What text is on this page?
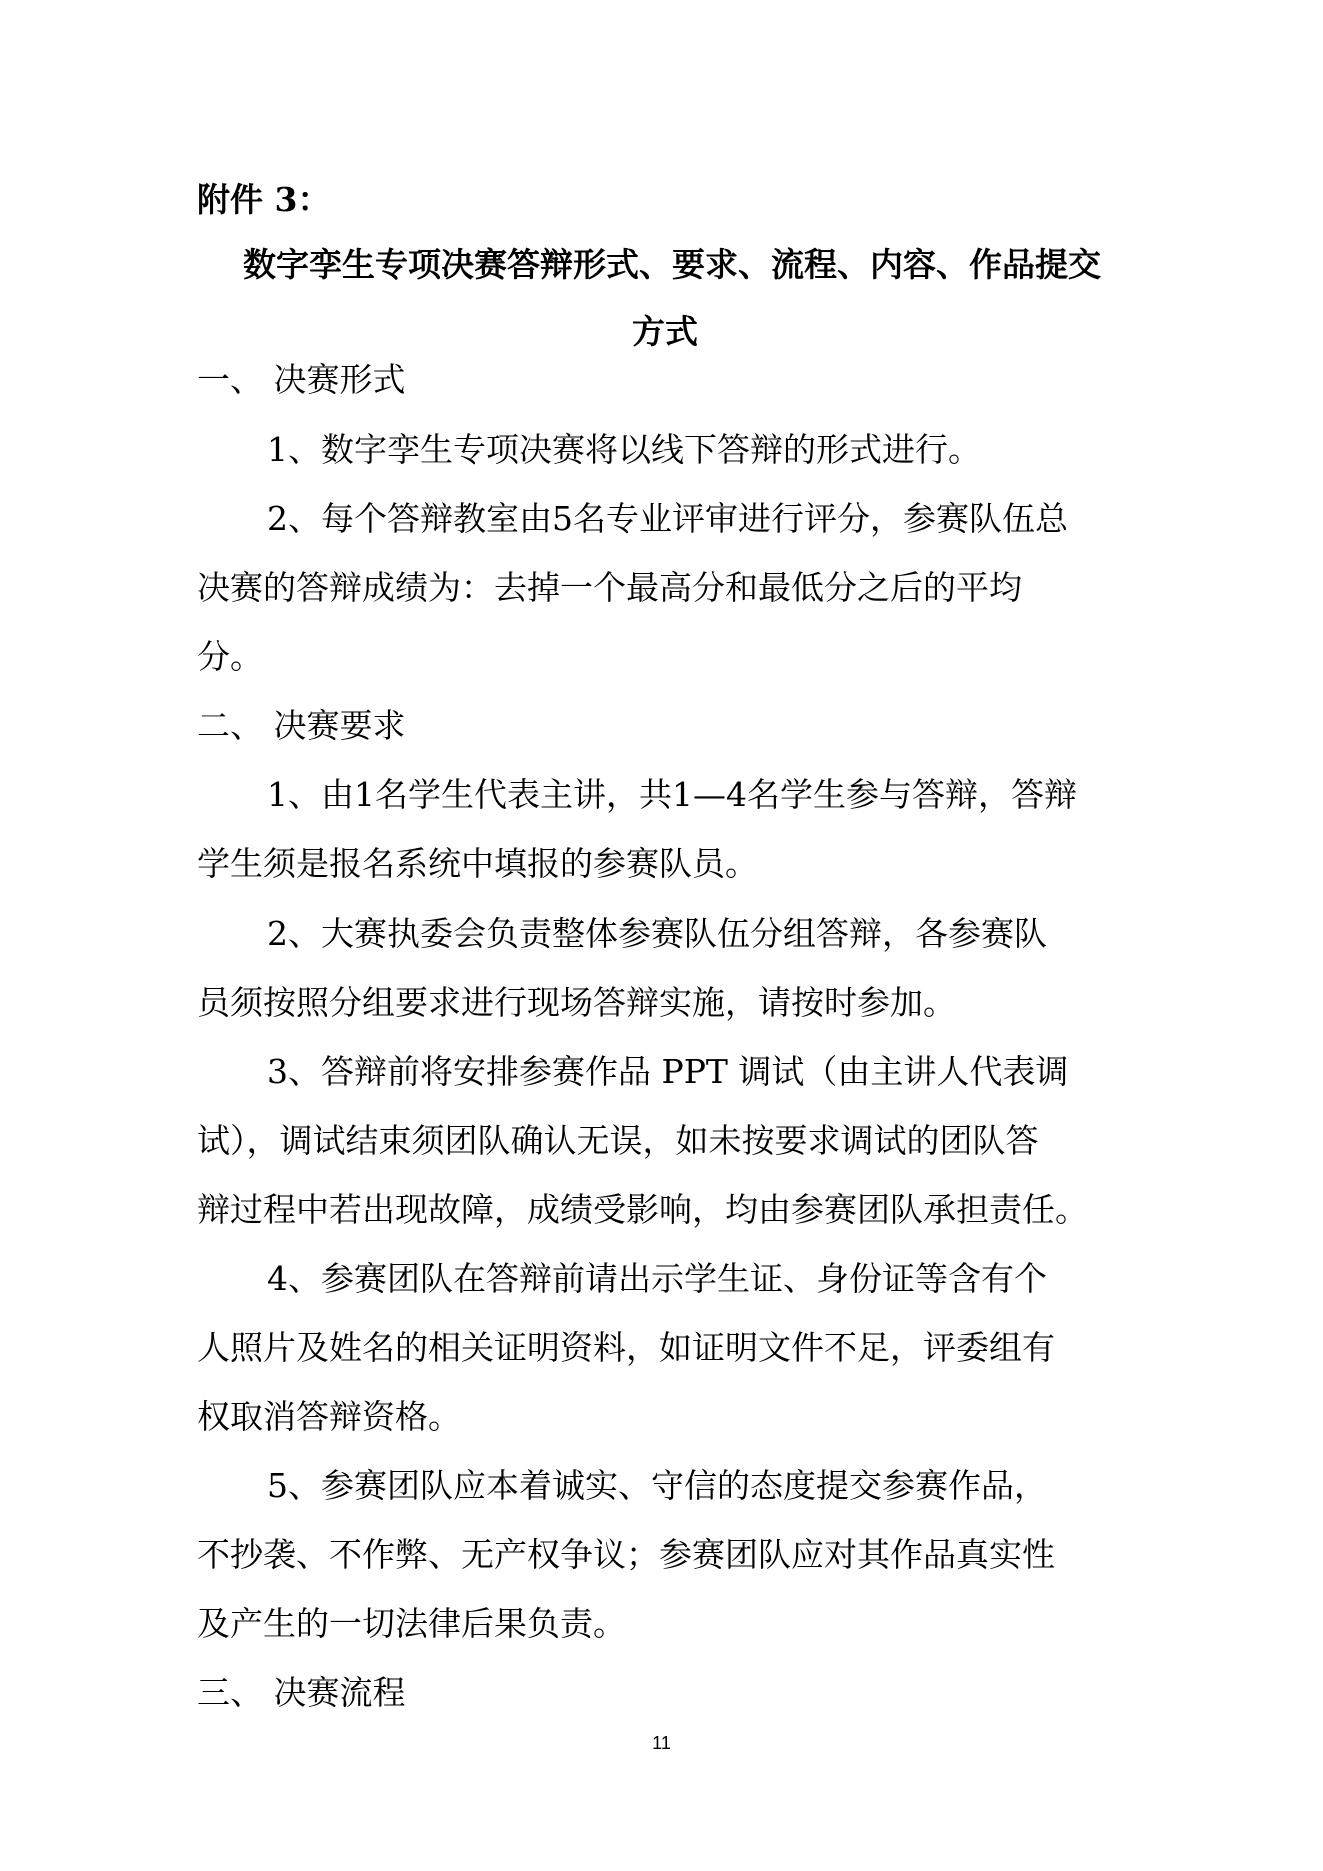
附件 3：
数字孪生专项决赛答辩形式、要求、流程、内容、作品提交
方式
一、 决赛形式
1、数字孪生专项决赛将以线下答辩的形式进行。
2、每个答辩教室由5名专业评审进行评分，参赛队伍总
决赛的答辩成绩为：去掉一个最高分和最低分之后的平均
分。
二、 决赛要求
1、由1名学生代表主讲，共1—4名学生参与答辩，答辩
学生须是报名系统中填报的参赛队员。
2、大赛执委会负责整体参赛队伍分组答辩，各参赛队
员须按照分组要求进行现场答辩实施，请按时参加。
3、答辩前将安排参赛作品 PPT 调试（由主讲人代表调
试），调试结束须团队确认无误，如未按要求调试的团队答
辩过程中若出现故障，成绩受影响，均由参赛团队承担责任。
4、参赛团队在答辩前请出示学生证、身份证等含有个
人照片及姓名的相关证明资料，如证明文件不足，评委组有
权取消答辩资格。
5、参赛团队应本着诚实、守信的态度提交参赛作品，
不抄袭、不作弊、无产权争议；参赛团队应对其作品真实性
及产生的一切法律后果负责。
三、 决赛流程
11
